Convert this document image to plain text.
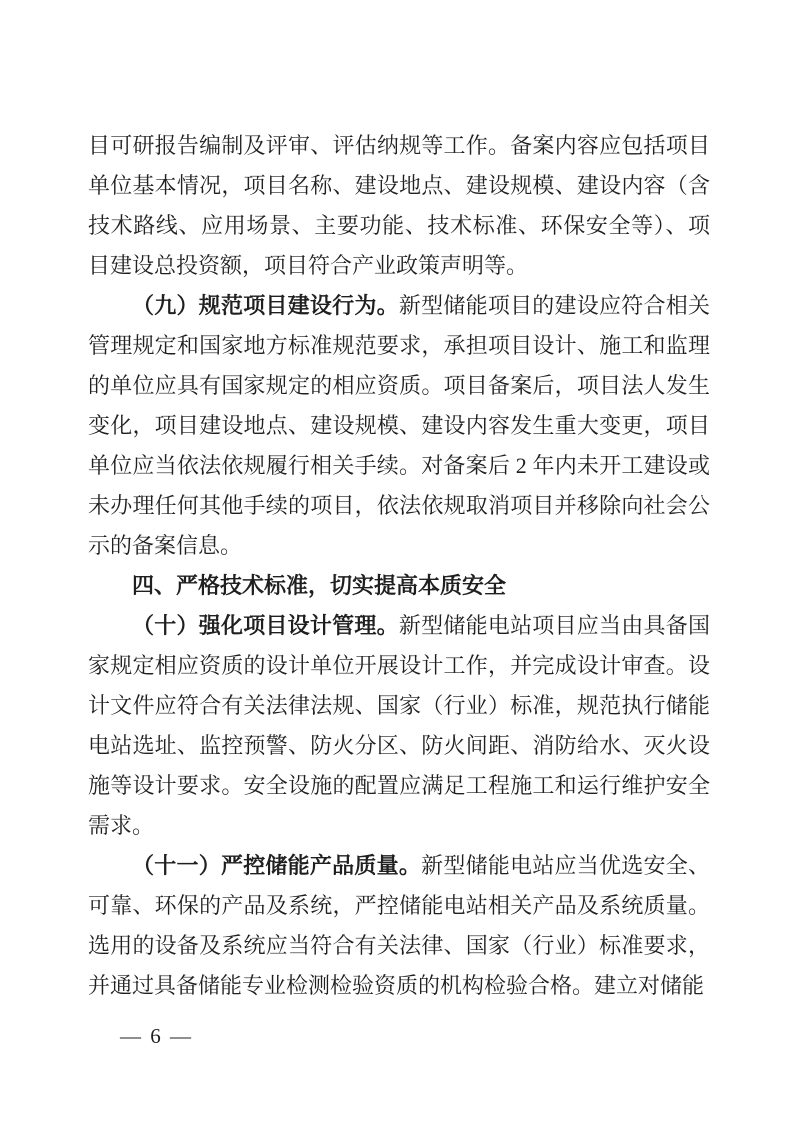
目可研报告编制及评审、评估纳规等工作。备案内容应包括项目单位基本情况，项目名称、建设地点、建设规模、建设内容（含技术路线、应用场景、主要功能、技术标准、环保安全等）、项目建设总投资额，项目符合产业政策声明等。

（九）规范项目建设行为。新型储能项目的建设应符合相关管理规定和国家地方标准规范要求，承担项目设计、施工和监理的单位应具有国家规定的相应资质。项目备案后，项目法人发生变化，项目建设地点、建设规模、建设内容发生重大变更，项目单位应当依法依规履行相关手续。对备案后 2 年内未开工建设或未办理任何其他手续的项目，依法依规取消项目并移除向社会公示的备案信息。

四、严格技术标准，切实提高本质安全

（十）强化项目设计管理。新型储能电站项目应当由具备国家规定相应资质的设计单位开展设计工作，并完成设计审查。设计文件应符合有关法律法规、国家（行业）标准，规范执行储能电站选址、监控预警、防火分区、防火间距、消防给水、灭火设施等设计要求。安全设施的配置应满足工程施工和运行维护安全需求。

（十一）严控储能产品质量。新型储能电站应当优选安全、可靠、环保的产品及系统，严控储能电站相关产品及系统质量。选用的设备及系统应当符合有关法律、国家（行业）标准要求，并通过具备储能专业检测检验资质的机构检验合格。建立对储能

— 6 —
